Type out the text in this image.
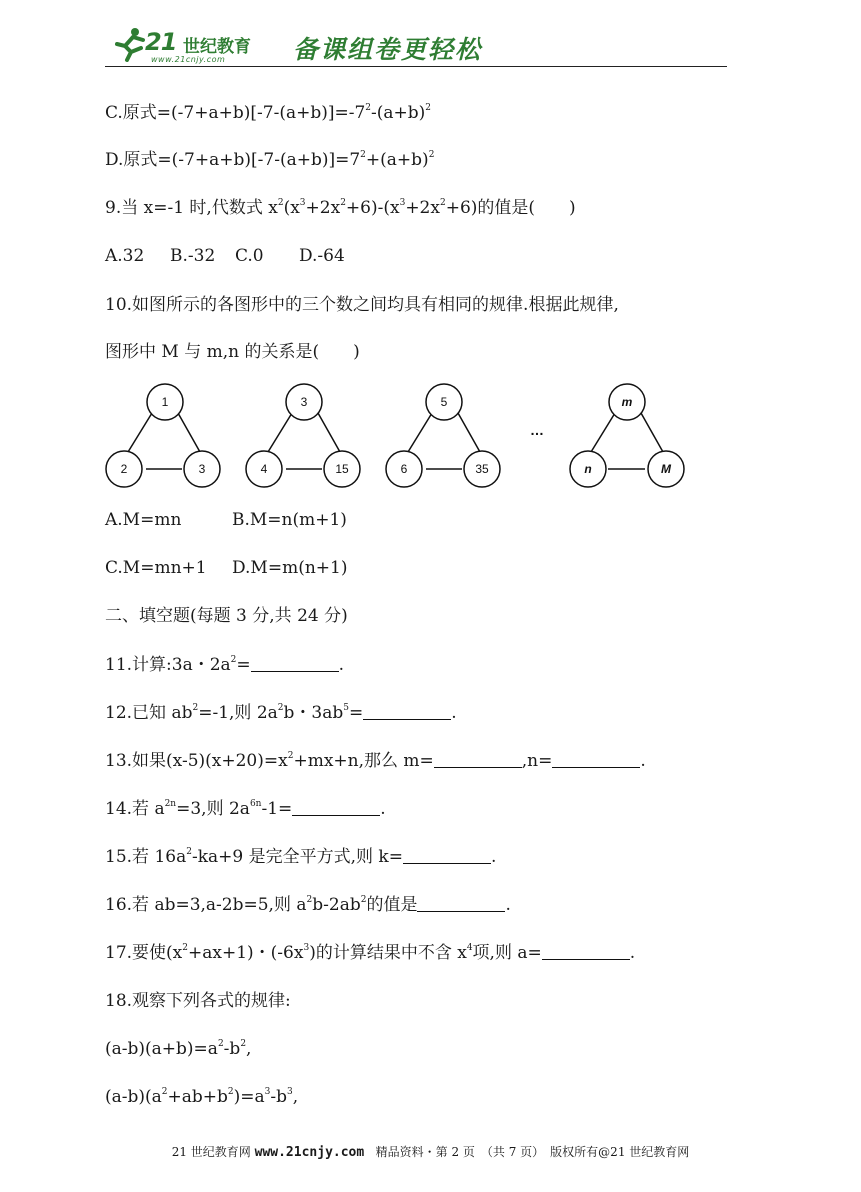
21 世纪教育
www.21cnjy.com	备课组卷更轻松
C.原式$=(-7+a+b)[-7-(a+b)]=-7^2-(a+b)^2$
D.原式$=(-7+a+b)[-7-(a+b)]=7^2+(a+b)^2$
9.当 x=-1 时,代数式 $x^2(x^3+2x^2+6)-(x^3+2x^2+6)$的值是(　　)
A.32 B.-32 C.0 D.-64
10.如图所示的各图形中的三个数之间均具有相同的规律.根据此规律,
图形中 M 与 m,n 的关系是(　　)
1
2	3
3
4	15
5
6	35
m
n	M
…
A.M=mn	B.M=n(m+1)
C.M=mn+1 D.M=m(n+1)
二、填空题(每题 3 分,共 24 分)
11.计算:3a・$2a^2=$	.
12.已知 $ab^2=-1$,则 $2a^2b$・$3ab^5=$	.
13.如果$(x-5)(x+20)=x^2+mx+n$,那么 m=	,n=	.
14.若 $a^{2n}=3$,则 $2a^{6n}-1=$	.
15.若 $16a^2-ka+9$ 是完全平方式,则 k=	.
16.若 ab=3,a-2b=5,则 $a^2b-2ab^2$的值是	.
17.要使$(x^2+ax+1)$・$(-6x^3)$的计算结果中不含 $x^4$项,则 a=	.
18.观察下列各式的规律:
$(a-b)(a+b)=a^2-b^2$,
$(a-b)(a^2+ab+b^2)=a^3-b^3$,
21 世纪教育网 www.21cnjy.com 精品资料・第 2 页　（共 7 页）　版权所有@21 世纪教育网
